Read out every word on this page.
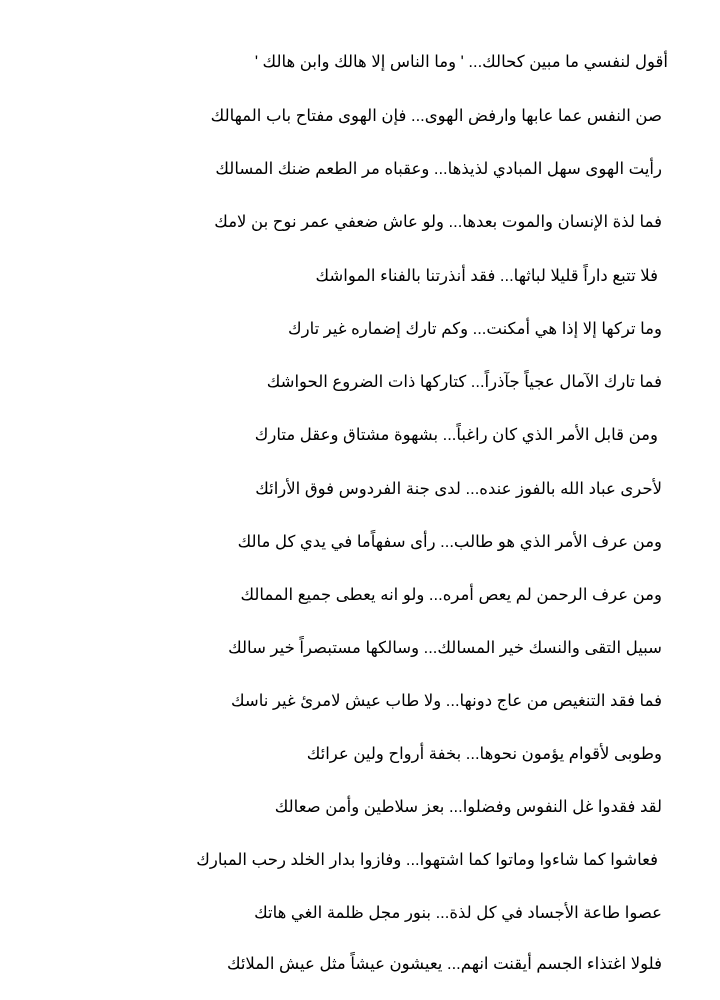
أقول لنفسي ما مبين كحالك... ' وما الناس إلا هالك وابن هالك '
صن النفس عما عابها وارفض الهوى... فإن الهوى مفتاح باب المهالك
رأيت الهوى سهل المبادي لذيذها... وعقباه مر الطعم ضنك المسالك
فما لذة الإنسان والموت بعدها... ولو عاش ضعفي عمر نوح بن لامك
فلا تتبع داراً قليلا لباثها... فقد أنذرتنا بالفناء المواشك
وما تركها إلا إذا هي أمكنت... وكم تارك إضماره غير تارك
فما تارك الآمال عجياً جآذراً... كتاركها ذات الضروع الحواشك
ومن قابل الأمر الذي كان راغباً... بشهوة مشتاق وعقل متارك
لأحرى عباد الله بالفوز عنده... لدى جنة الفردوس فوق الأرائك
ومن عرف الأمر الذي هو طالب... رأى سفهاًما في يدي كل مالك
ومن عرف الرحمن لم يعص أمره... ولو انه يعطى جميع الممالك
سبيل التقى والنسك خير المسالك... وسالكها مستبصراً خير سالك
فما فقد التنغيص من عاج دونها... ولا طاب عيش لامرئ غير ناسك
وطوبى لأقوام يؤمون نحوها... بخفة أرواح ولين عرائك
لقد فقدوا غل النفوس وفضلوا... بعز سلاطين وأمن صعالك
فعاشوا كما شاءوا وماتوا كما اشتهوا... وفازوا بدار الخلد رحب المبارك
عصوا طاعة الأجساد في كل لذة... بنور مجل ظلمة الغي هاتك
فلولا اغتذاء الجسم أيقنت انهم... يعيشون عيشاً مثل عيش الملائك
